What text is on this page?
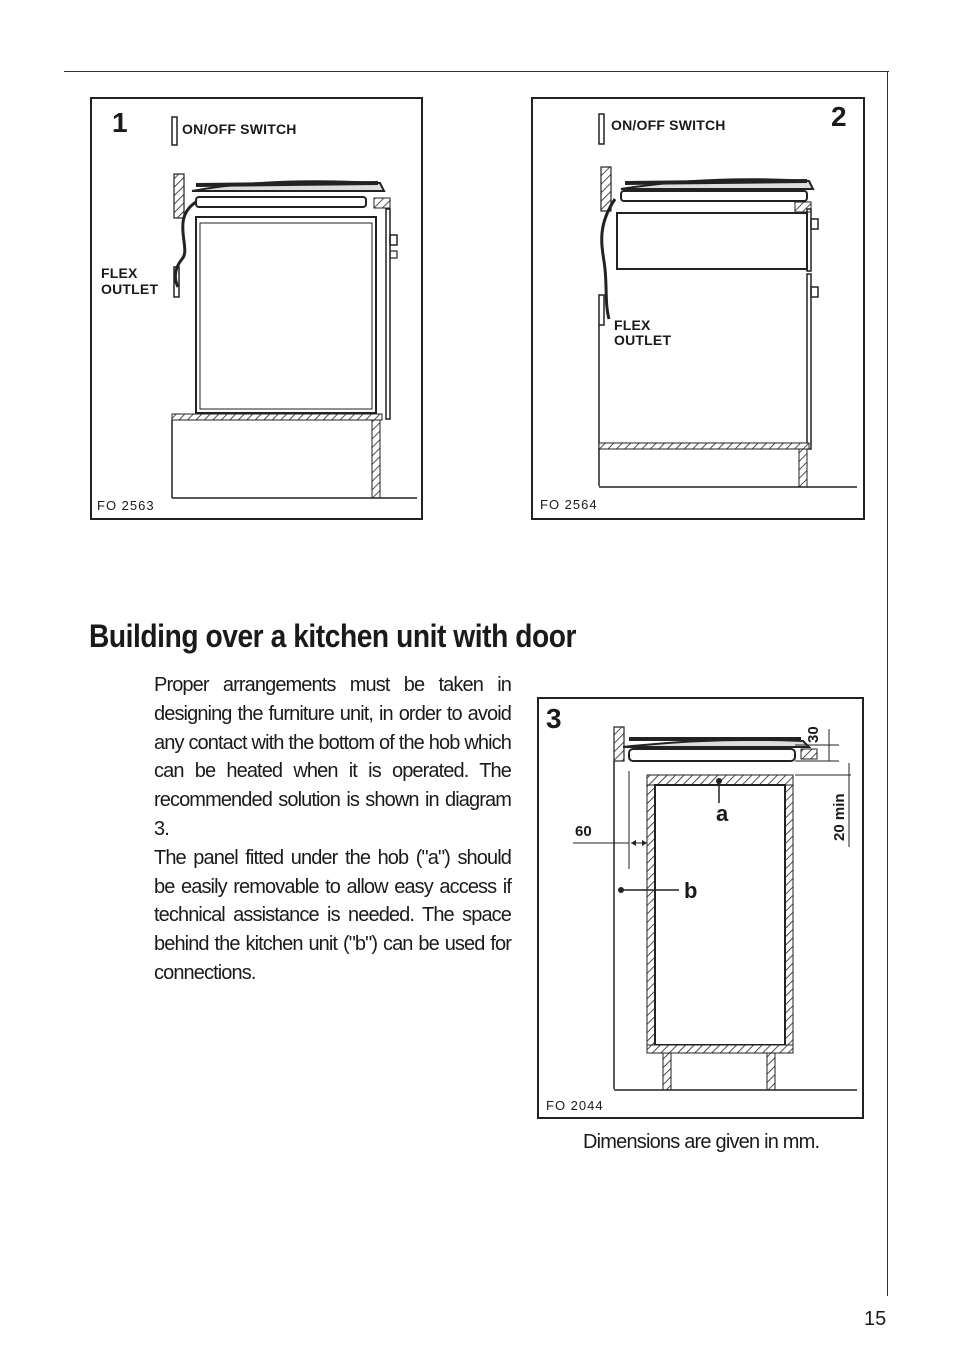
1	ON/OFF SWITCH
FLEX
OUTLET
FO 2563
2
ON/OFF SWITCH
FLEX
OUTLET
FO 2564
Building over a kitchen unit with door

Proper arrangements must be taken in designing the furniture unit, in order to avoid any contact with the bottom of the hob which can be heated when it is operated. The recommended solution is shown in diagram 3.

The panel fitted under the hob ("a") should be easily removable to allow easy access if technical assistance is needed. The space behind the kitchen unit ("b") can be used for connections.

3
30
20 min
60
a
b
FO 2044
Dimensions are given in mm.
15
